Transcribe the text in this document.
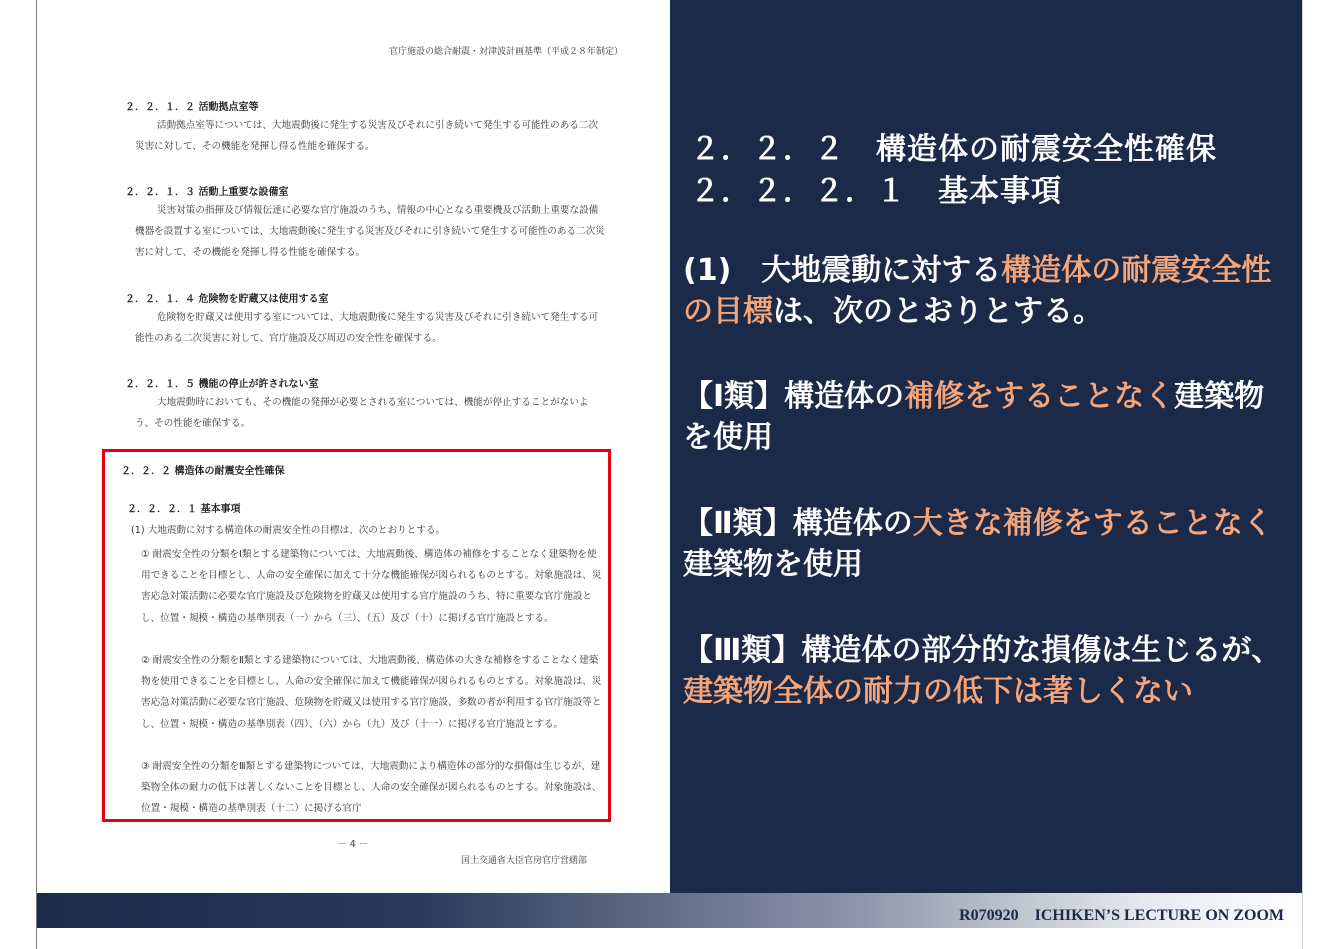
官庁施設の総合耐震・対津波計画基準（平成２８年制定）
２．２．１．２ 活動拠点室等
活動拠点室等については、大地震動後に発生する災害及びそれに引き続いて発生する可能性のある二次災害に対して、その機能を発揮し得る性能を確保する。
２．２．１．３ 活動上重要な設備室
災害対策の指揮及び情報伝達に必要な官庁施設のうち、情報の中心となる重要機及び活動上重要な設備機器を設置する室については、大地震動後に発生する災害及びそれに引き続いて発生する可能性のある二次災害に対して、その機能を発揮し得る性能を確保する。
２．２．１．４ 危険物を貯蔵又は使用する室
危険物を貯蔵又は使用する室については、大地震動後に発生する災害及びそれに引き続いて発生する可能性のある二次災害に対して、官庁施設及び周辺の安全性を確保する。
２．２．１．５ 機能の停止が許されない室
大地震動時においても、その機能の発揮が必要とされる室については、機能が停止することがないよう、その性能を確保する。
２．２．２ 構造体の耐震安全性確保
２．２．２．１ 基本事項
(1) 大地震動に対する構造体の耐震安全性の目標は、次のとおりとする。
① 耐震安全性の分類をⅠ類とする建築物については、大地震動後、構造体の補修をすることなく建築物を使用できることを目標とし、人命の安全確保に加えて十分な機能確保が図られるものとする。対象施設は、災害応急対策活動に必要な官庁施設及び危険物を貯蔵又は使用する官庁施設のうち、特に重要な官庁施設とし、位置・規模・構造の基準別表（一）から（三）、（五）及び（十）に掲げる官庁施設とする。
② 耐震安全性の分類をⅡ類とする建築物については、大地震動後、構造体の大きな補修をすることなく建築物を使用できることを目標とし、人命の安全確保に加えて機能確保が図られるものとする。対象施設は、災害応急対策活動に必要な官庁施設、危険物を貯蔵又は使用する官庁施設、多数の者が利用する官庁施設等とし、位置・規模・構造の基準別表（四）、（六）から（九）及び（十一）に掲げる官庁施設とする。
③ 耐震安全性の分類をⅢ類とする建築物については、大地震動により構造体の部分的な損傷は生じるが、建築物全体の耐力の低下は著しくないことを目標とし、人命の安全確保が図られるものとする。対象施設は、位置・規模・構造の基準別表（十二）に掲げる官庁
－ 4 －
国土交通省大臣官房官庁営繕部
２．２．２　構造体の耐震安全性確保
２．２．２．１　基本事項
(1)　大地震動に対する構造体の耐震安全性の目標は、次のとおりとする。
【Ⅰ類】構造体の補修をすることなく建築物を使用
【Ⅱ類】構造体の大きな補修をすることなく建築物を使用
【Ⅲ類】構造体の部分的な損傷は生じるが、建築物全体の耐力の低下は著しくない
R070920　ICHIKEN’S LECTURE ON ZOOM
